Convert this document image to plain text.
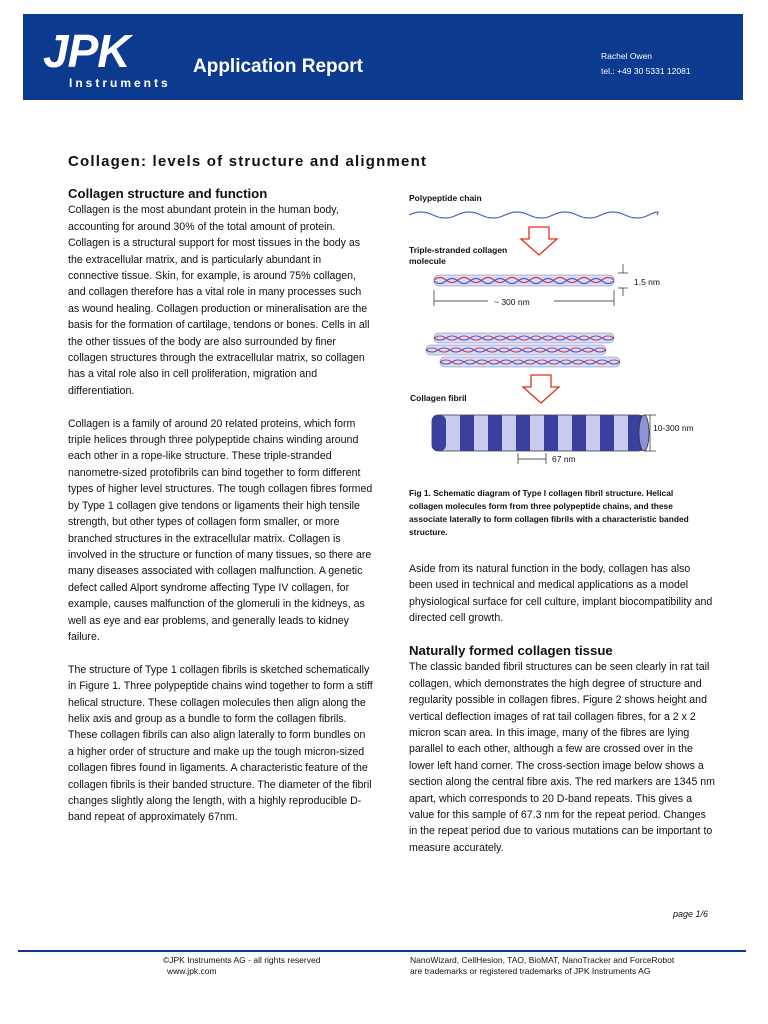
JPK
Instruments
Application Report	Rachel Owen
tel.: +49 30 5331 12081
Collagen: levels of structure and alignment
Collagen structure and function

Collagen is the most abundant protein in the human body, accounting for around 30% of the total amount of protein. Collagen is a structural support for most tissues in the body as the extracellular matrix, and is particularly abundant in connective tissue. Skin, for example, is around 75% collagen, and collagen therefore has a vital role in many processes such as wound healing. Collagen production or mineralisation are the basis for the formation of cartilage, tendons or bones. Cells in all the other tissues of the body are also surrounded by finer collagen structures through the extracellular matrix, so collagen has a vital role also in cell proliferation, migration and differentiation.

Collagen is a family of around 20 related proteins, which form triple helices through three polypeptide chains winding around each other in a rope-like structure. These triple-stranded nanometre-sized protofibrils can bind together to form different types of higher level structures. The tough collagen fibres formed by Type 1 collagen give tendons or ligaments their high tensile strength, but other types of collagen form smaller, or more branched structures in the extracellular matrix. Collagen is involved in the structure or function of many tissues, so there are many diseases associated with collagen malfunction. A genetic defect called Alport syndrome affecting Type IV collagen, for example, causes malfunction of the glomeruli in the kidneys, as well as eye and ear problems, and generally leads to kidney failure.

The structure of Type 1 collagen fibrils is sketched schematically in Figure 1. Three polypeptide chains wind together to form a stiff helical structure. These collagen molecules then align along the helix axis and group as a bundle to form the collagen fibrils. These collagen fibrils can also align laterally to form bundles on a higher order of structure and make up the tough micron-sized collagen fibres found in ligaments. A characteristic feature of the collagen fibrils is their banded structure. The diameter of the fibril changes slightly along the length, with a highly reproducible D-band repeat of approximately 67nm.

Polypeptide chain
Triple-stranded collagen molecule
1.5 nm
~ 300 nm
Collagen fibril
10-300 nm
67 nm
Fig 1. Schematic diagram of Type I collagen fibril structure. Helical collagen molecules form from three polypeptide chains, and these associate laterally to form collagen fibrils with a characteristic banded structure.

Aside from its natural function in the body, collagen has also been used in technical and medical applications as a model physiological surface for cell culture, implant biocompatibility and directed cell growth.

Naturally formed collagen tissue

The classic banded fibril structures can be seen clearly in rat tail collagen, which demonstrates the high degree of structure and regularity possible in collagen fibres. Figure 2 shows height and vertical deflection images of rat tail collagen fibres, for a 2 x 2 micron scan area. In this image, many of the fibres are lying parallel to each other, although a few are crossed over in the lower left hand corner. The cross-section image below shows a section along the central fibre axis. The red markers are 1345 nm apart, which corresponds to 20 D-band repeats. This gives a value for this sample of 67.3 nm for the repeat period. Changes in the repeat period due to various mutations can be important to measure accurately.

page 1/6
©JPK Instruments AG - all rights reserved
www.jpk.com
NanoWizard, CellHesion, TAO, BioMAT, NanoTracker and ForceRobot
are trademarks or registered trademarks of JPK Instruments AG
